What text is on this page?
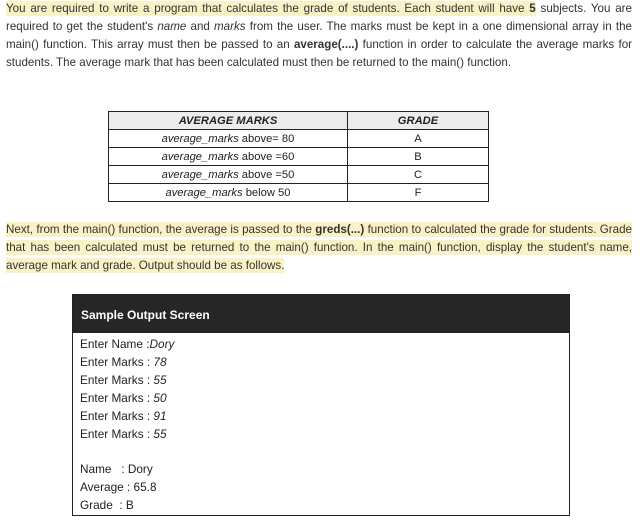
You are required to write a program that calculates the grade of students. Each student will have 5 subjects. You are required to get the student's name and marks from the user. The marks must be kept in a one dimensional array in the main() function. This array must then be passed to an average(....) function in order to calculate the average marks for students. The average mark that has been calculated must then be returned to the main() function.

AVERAGE MARKS	GRADE
average_marks above= 80	A
average_marks above =60	B
average_marks above =50	C
average_marks below 50	F

Next, from the main() function, the average is passed to the greds(...) function to calculated the grade for students. Grade that has been calculated must be returned to the main() function. In the main() function, display the student's name, average mark and grade. Output should be as follows.

Sample Output Screen
Enter Name :Dory
Enter Marks : 78
Enter Marks : 55
Enter Marks : 50
Enter Marks : 91
Enter Marks : 55
Name   : Dory
Average : 65.8
Grade  : B
